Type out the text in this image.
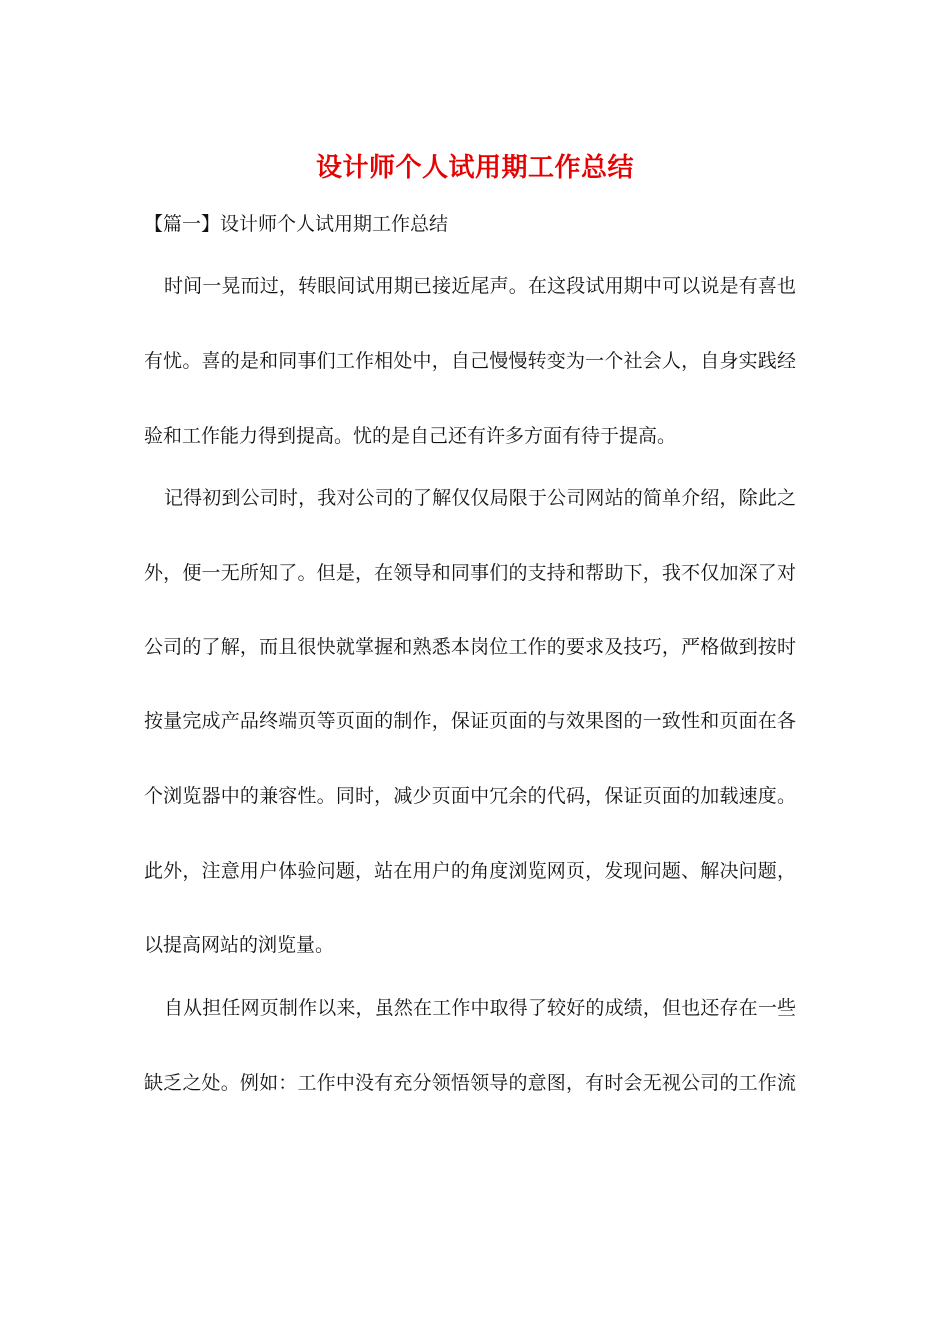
设计师个人试用期工作总结

【篇一】设计师个人试用期工作总结

时间一晃而过，转眼间试用期已接近尾声。在这段试用期中可以说是有喜也

有忧。喜的是和同事们工作相处中，自己慢慢转变为一个社会人，自身实践经

验和工作能力得到提高。忧的是自己还有许多方面有待于提高。

记得初到公司时，我对公司的了解仅仅局限于公司网站的简单介绍，除此之

外，便一无所知了。但是，在领导和同事们的支持和帮助下，我不仅加深了对

公司的了解，而且很快就掌握和熟悉本岗位工作的要求及技巧，严格做到按时

按量完成产品终端页等页面的制作，保证页面的与效果图的一致性和页面在各

个浏览器中的兼容性。同时，减少页面中冗余的代码，保证页面的加载速度。

此外，注意用户体验问题，站在用户的角度浏览网页，发现问题、解决问题，

以提高网站的浏览量。

自从担任网页制作以来，虽然在工作中取得了较好的成绩，但也还存在一些

缺乏之处。例如：工作中没有充分领悟领导的意图，有时会无视公司的工作流
